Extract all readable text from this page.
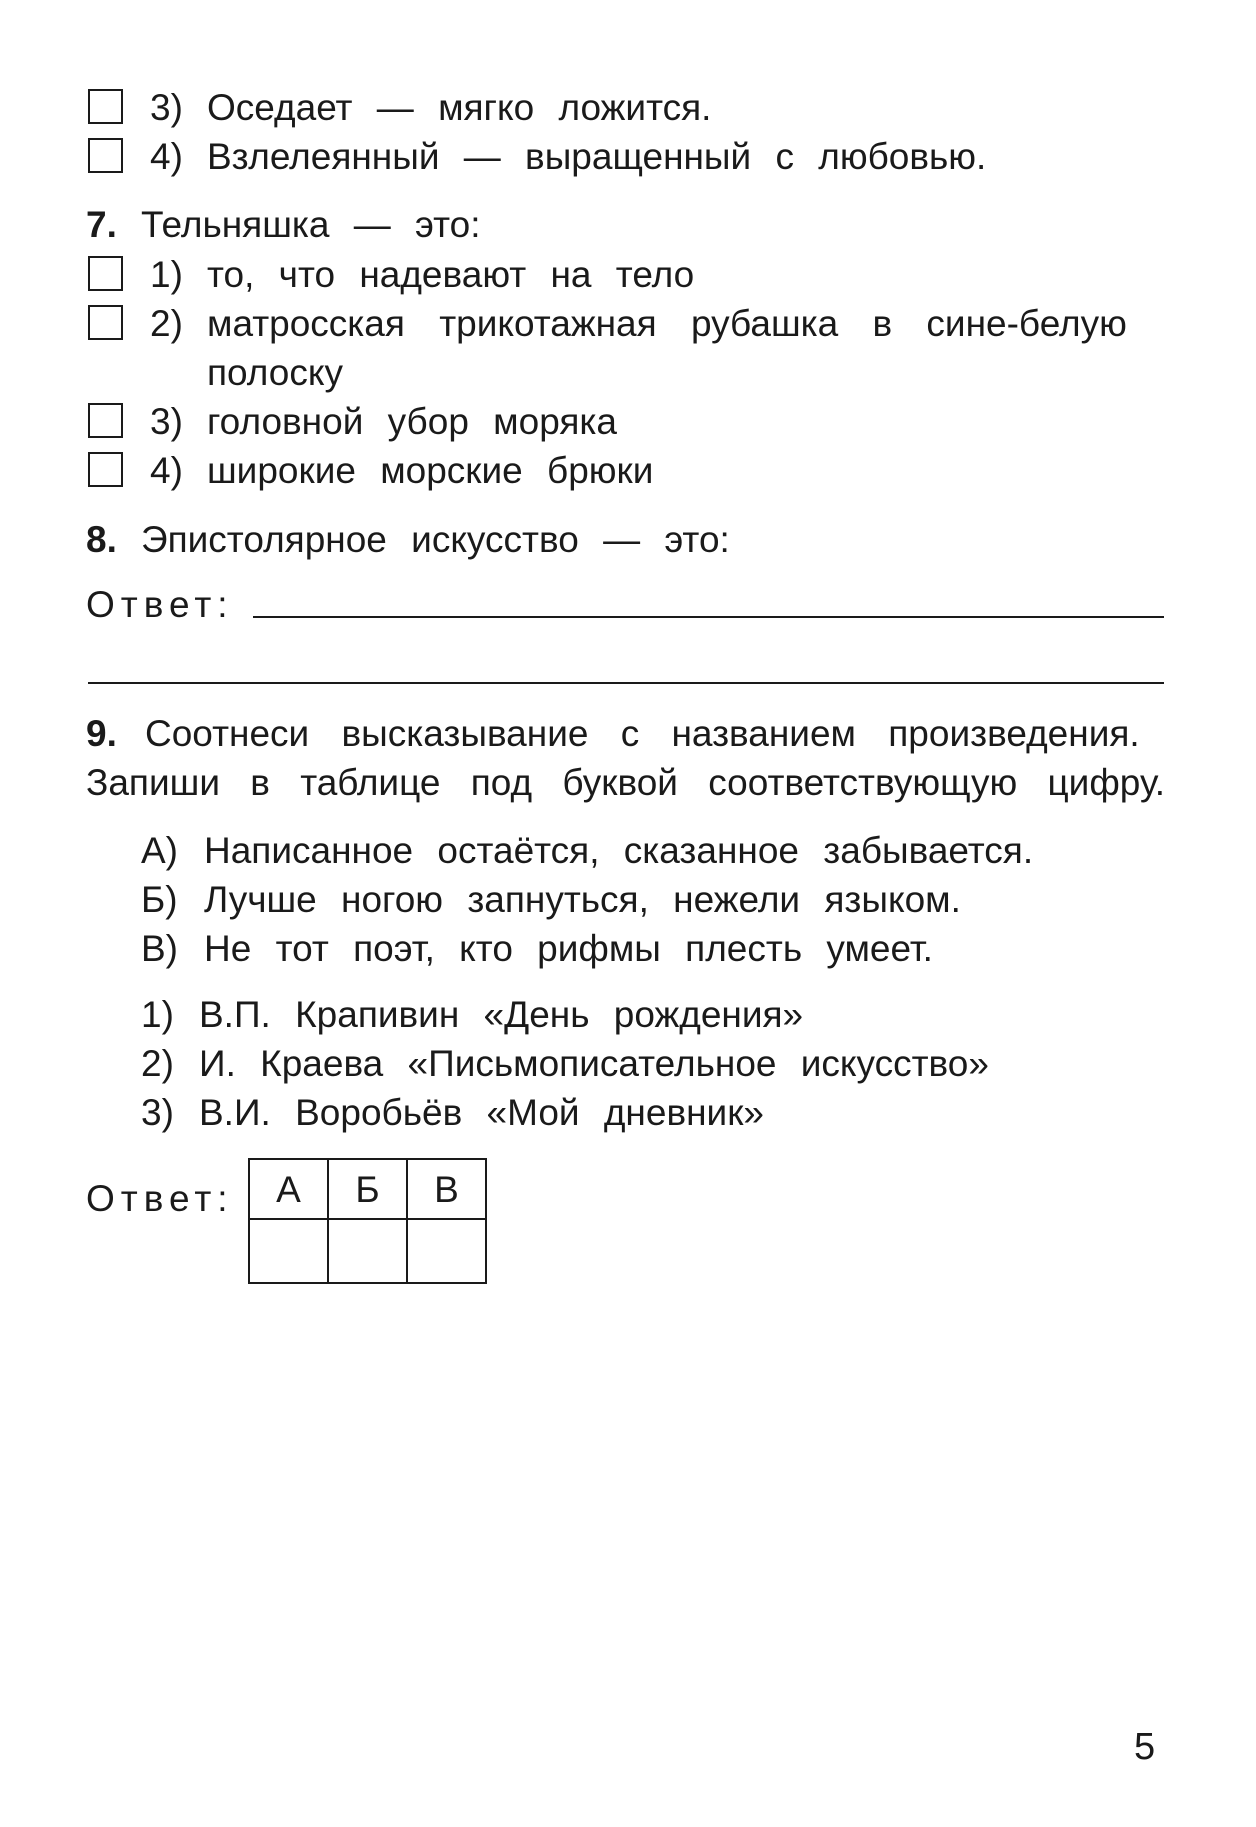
3) Оседает — мягко ложится.
4) Взлелеянный — выращенный с любовью.
7. Тельняшка — это:
1) то, что надевают на тело
2) матросская трикотажная рубашка в сине-белую
полоску
3) головной убор моряка
4) широкие морские брюки
8. Эпистолярное искусство — это:
Ответ:
9. Соотнеси высказывание с названием произведения.
Запиши в таблице под буквой соответствующую цифру.
А) Написанное остаётся, сказанное забывается.
Б) Лучше ногою запнуться, нежели языком.
В) Не тот поэт, кто рифмы плесть умеет.
1) В.П. Крапивин «День рождения»
2) И. Краева «Письмописательное искусство»
3) В.И. Воробьёв «Мой дневник»
Ответ: А	Б	В

5
